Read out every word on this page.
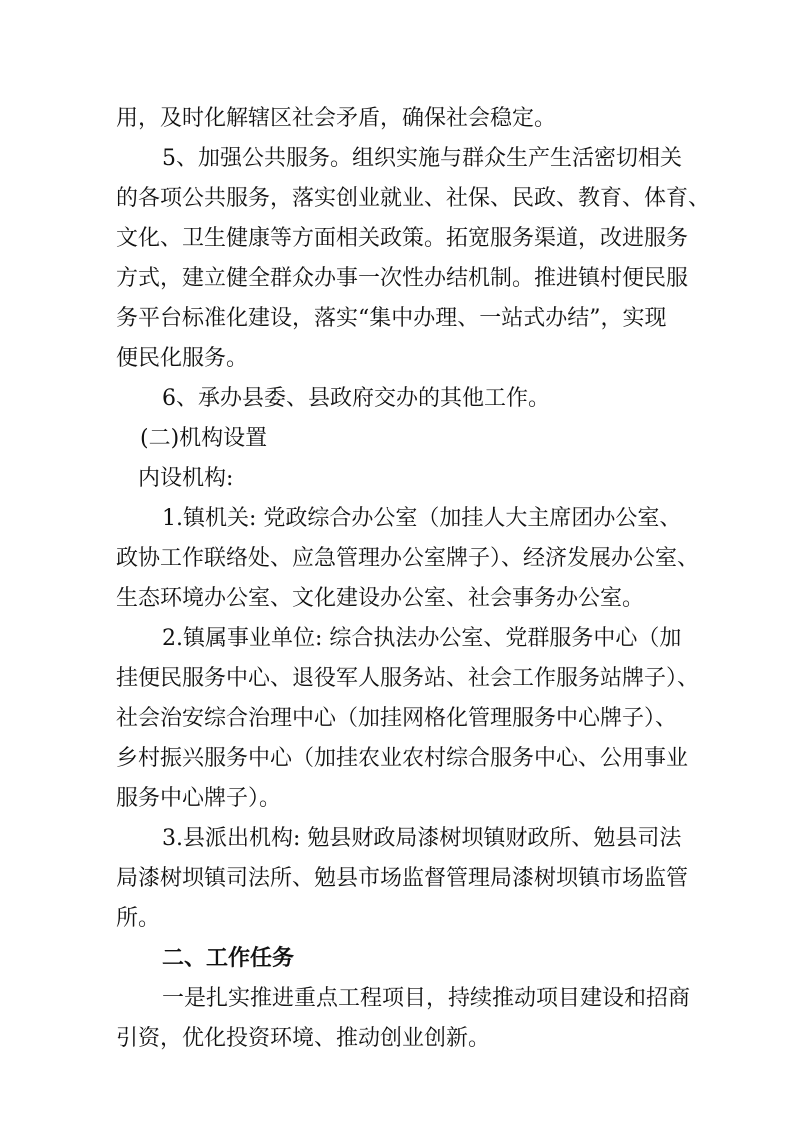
用，及时化解辖区社会矛盾，确保社会稳定。
5、加强公共服务。组织实施与群众生产生活密切相关
的各项公共服务，落实创业就业、社保、民政、教育、体育、
文化、卫生健康等方面相关政策。拓宽服务渠道，改进服务
方式，建立健全群众办事一次性办结机制。推进镇村便民服
务平台标准化建设，落实“集中办理、一站式办结”，实现
便民化服务。
6、承办县委、县政府交办的其他工作。
(二)机构设置
内设机构:
1.镇机关: 党政综合办公室（加挂人大主席团办公室、
政协工作联络处、应急管理办公室牌子）、经济发展办公室、
生态环境办公室、文化建设办公室、社会事务办公室。
2.镇属事业单位: 综合执法办公室、党群服务中心（加
挂便民服务中心、退役军人服务站、社会工作服务站牌子）、
社会治安综合治理中心（加挂网格化管理服务中心牌子）、
乡村振兴服务中心（加挂农业农村综合服务中心、公用事业
服务中心牌子）。
3.县派出机构: 勉县财政局漆树坝镇财政所、勉县司法
局漆树坝镇司法所、勉县市场监督管理局漆树坝镇市场监管
所。
二、工作任务
一是扎实推进重点工程项目，持续推动项目建设和招商
引资，优化投资环境、推动创业创新。
